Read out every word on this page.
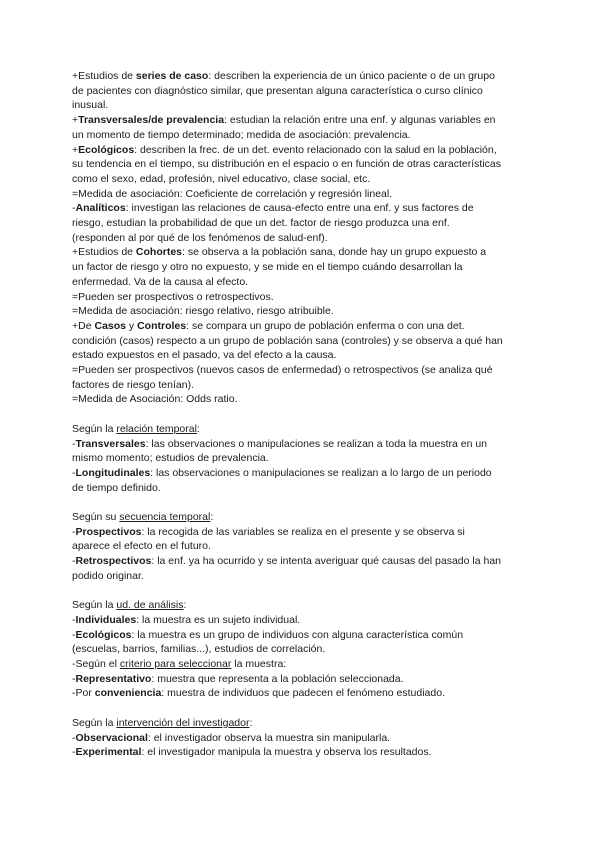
+Estudios de series de caso: describen la experiencia de un único paciente o de un grupo
de pacientes con diagnóstico similar, que presentan alguna característica o curso clínico
inusual.
+Transversales/de prevalencia: estudian la relación entre una enf. y algunas variables en
un momento de tiempo determinado; medida de asociación: prevalencia.
+Ecológicos: describen la frec. de un det. evento relacionado con la salud en la población,
su tendencia en el tiempo, su distribución en el espacio o en función de otras características
como el sexo, edad, profesión, nivel educativo, clase social, etc.
=Medida de asociación: Coeficiente de correlación y regresión lineal.
-Analíticos: investigan las relaciones de causa-efecto entre una enf. y sus factores de
riesgo, estudian la probabilidad de que un det. factor de riesgo produzca una enf.
(responden al por qué de los fenómenos de salud-enf).
+Estudios de Cohortes: se observa a la población sana, donde hay un grupo expuesto a
un factor de riesgo y otro no expuesto, y se mide en el tiempo cuándo desarrollan la
enfermedad. Va de la causa al efecto.
=Pueden ser prospectivos o retrospectivos.
=Medida de asociación: riesgo relativo, riesgo atribuible.
+De Casos y Controles: se compara un grupo de población enferma o con una det.
condición (casos) respecto a un grupo de población sana (controles) y se observa a qué han
estado expuestos en el pasado, va del efecto a la causa.
=Pueden ser prospectivos (nuevos casos de enfermedad) o retrospectivos (se analiza qué
factores de riesgo tenían).
=Medida de Asociación: Odds ratio.
Según la relación temporal:
-Transversales: las observaciones o manipulaciones se realizan a toda la muestra en un
mismo momento; estudios de prevalencia.
-Longitudinales: las observaciones o manipulaciones se realizan a lo largo de un periodo
de tiempo definido.
Según su secuencia temporal:
-Prospectivos: la recogida de las variables se realiza en el presente y se observa si
aparece el efecto en el futuro.
-Retrospectivos: la enf. ya ha ocurrido y se intenta averiguar qué causas del pasado la han
podido originar.
Según la ud. de análisis:
-Individuales: la muestra es un sujeto individual.
-Ecológicos: la muestra es un grupo de individuos con alguna característica común
(escuelas, barrios, familias...), estudios de correlación.
-Según el criterio para seleccionar la muestra:
-Representativo: muestra que representa a la población seleccionada.
-Por conveniencia: muestra de individuos que padecen el fenómeno estudiado.
Según la intervención del investigador:
-Observacional: el investigador observa la muestra sin manipularla.
-Experimental: el investigador manipula la muestra y observa los resultados.
